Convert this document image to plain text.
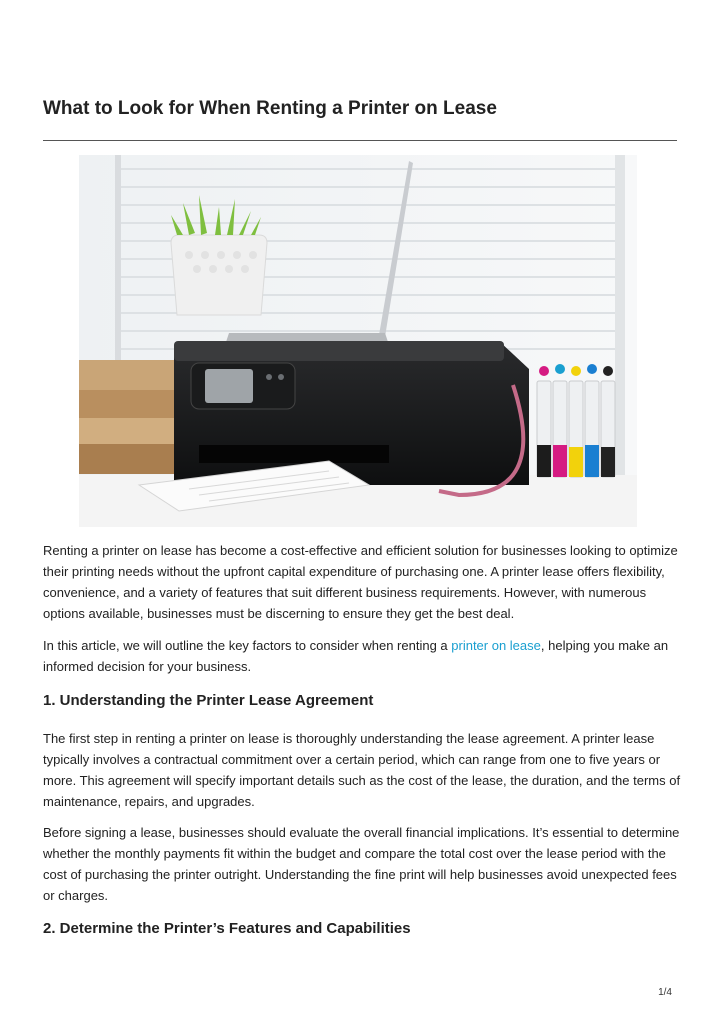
What to Look for When Renting a Printer on Lease

Renting a printer on lease has become a cost-effective and efficient solution for businesses looking to optimize their printing needs without the upfront capital expenditure of purchasing one. A printer lease offers flexibility, convenience, and a variety of features that suit different business requirements. However, with numerous options available, businesses must be discerning to ensure they get the best deal.

In this article, we will outline the key factors to consider when renting a printer on lease, helping you make an informed decision for your business.

1. Understanding the Printer Lease Agreement

The first step in renting a printer on lease is thoroughly understanding the lease agreement. A printer lease typically involves a contractual commitment over a certain period, which can range from one to five years or more. This agreement will specify important details such as the cost of the lease, the duration, and the terms of maintenance, repairs, and upgrades.

Before signing a lease, businesses should evaluate the overall financial implications. It’s essential to determine whether the monthly payments fit within the budget and compare the total cost over the lease period with the cost of purchasing the printer outright. Understanding the fine print will help businesses avoid unexpected fees or charges.

2. Determine the Printer’s Features and Capabilities
1/4
